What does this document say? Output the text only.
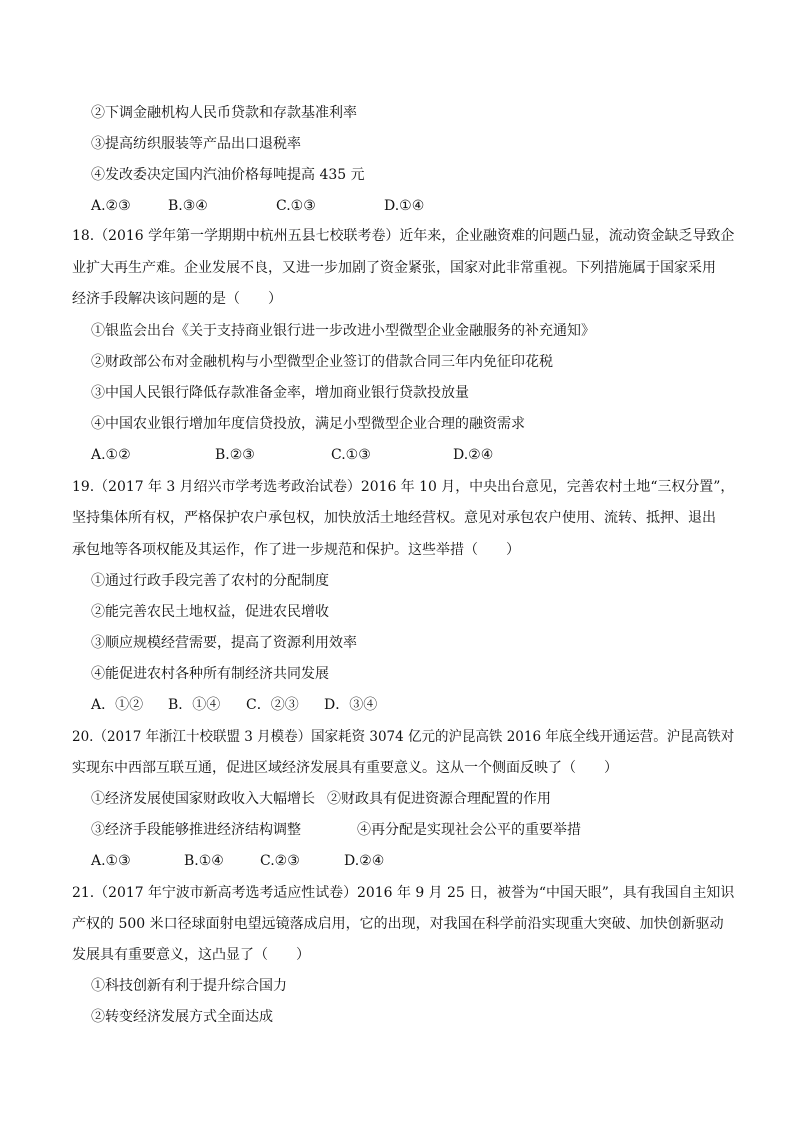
②下调金融机构人民币贷款和存款基准利率
③提高纺织服装等产品出口退税率
④发改委决定国内汽油价格每吨提高 435 元
A.②③	B.③④	C.①③	D.①④
18.（2016 学年第一学期期中杭州五县七校联考卷）近年来，企业融资难的问题凸显，流动资金缺乏导致企
业扩大再生产难。企业发展不良，又进一步加剧了资金紧张，国家对此非常重视。下列措施属于国家采用
经济手段解决该问题的是（　　）
①银监会出台《关于支持商业银行进一步改进小型微型企业金融服务的补充通知》
②财政部公布对金融机构与小型微型企业签订的借款合同三年内免征印花税
③中国人民银行降低存款准备金率，增加商业银行贷款投放量
④中国农业银行增加年度信贷投放，满足小型微型企业合理的融资需求
A.①②	B.②③	C.①③	D.②④
19.（2017 年 3 月绍兴市学考选考政治试卷）2016 年 10 月，中央出台意见，完善农村土地“三权分置”，
坚持集体所有权，严格保护农户承包权，加快放活土地经营权。意见对承包农户使用、流转、抵押、退出
承包地等各项权能及其运作，作了进一步规范和保护。这些举措（　　）
①通过行政手段完善了农村的分配制度
②能完善农民土地权益，促进农民增收
③顺应规模经营需要，提高了资源利用效率
④能促进农村各种所有制经济共同发展
A．①② B．①④ C．②③ D．③④
20.（2017 年浙江十校联盟 3 月模卷）国家耗资 3074 亿元的沪昆高铁 2016 年底全线开通运营。沪昆高铁对
实现东中西部互联互通，促进区域经济发展具有重要意义。这从一个侧面反映了（　　）
①经济发展使国家财政收入大幅增长 ②财政具有促进资源合理配置的作用
③经济手段能够推进经济结构调整	④再分配是实现社会公平的重要举措
A.①③	B.①④	C.②③	D.②④
21.（2017 年宁波市新高考选考适应性试卷）2016 年 9 月 25 日，被誉为“中国天眼”，具有我国自主知识
产权的 500 米口径球面射电望远镜落成启用，它的出现，对我国在科学前沿实现重大突破、加快创新驱动
发展具有重要意义，这凸显了（　　）
①科技创新有利于提升综合国力
②转变经济发展方式全面达成
